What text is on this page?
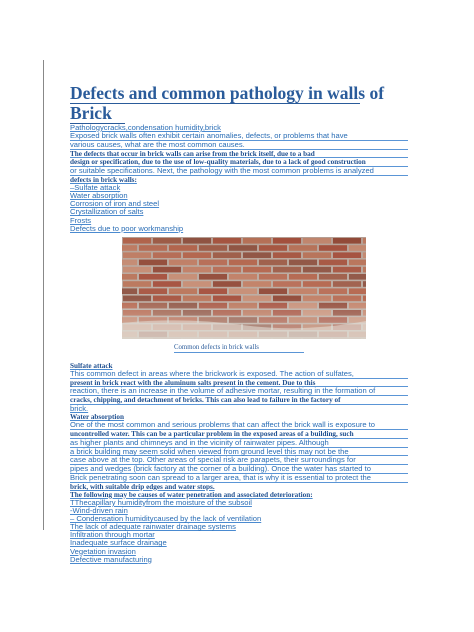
Defects and common pathology in walls of
Brick
Pathologycracks,condensation humidity,brick
Exposed brick walls often exhibit certain anomalies, defects, or problems that have
various causes, what are the most common causes.
The defects that occur in brick walls can arise from the brick itself, due to a bad
design or specification, due to the use of low-quality materials, due to a lack of good construction
or suitable specifications. Next, the pathology with the most common problems is analyzed
defects in brick walls:
–Sulfate attack
Water absorption
Corrosion of iron and steel
Crystallization of salts
Frosts
Defects due to poor workmanship
Common defects in brick walls
Sulfate attack
This common defect in areas where the brickwork is exposed. The action of sulfates,
present in brick react with the aluminum salts present in the cement. Due to this
reaction, there is an increase in the volume of adhesive mortar, resulting in the formation of
cracks, chipping, and detachment of bricks. This can also lead to failure in the factory of
brick.
Water absorption
One of the most common and serious problems that can affect the brick wall is exposure to
uncontrolled water. This can be a particular problem in the exposed areas of a building, such
as higher plants and chimneys and in the vicinity of rainwater pipes. Although
a brick building may seem solid when viewed from ground level this may not be the
case above at the top. Other areas of special risk are parapets, their surroundings for
pipes and wedges (brick factory at the corner of a building). Once the water has started to
Brick penetrating soon can spread to a larger area, that is why it is essential to protect the
brick, with suitable drip edges and water stops.
The following may be causes of water penetration and associated deterioration:
TThecapillary humidityfrom the moisture of the subsoil
-Wind-driven rain
– Condensation humiditycaused by the lack of ventilation
The lack of adequate rainwater drainage systems
Infiltration through mortar
Inadequate surface drainage
Vegetation invasion
Defective manufacturing
